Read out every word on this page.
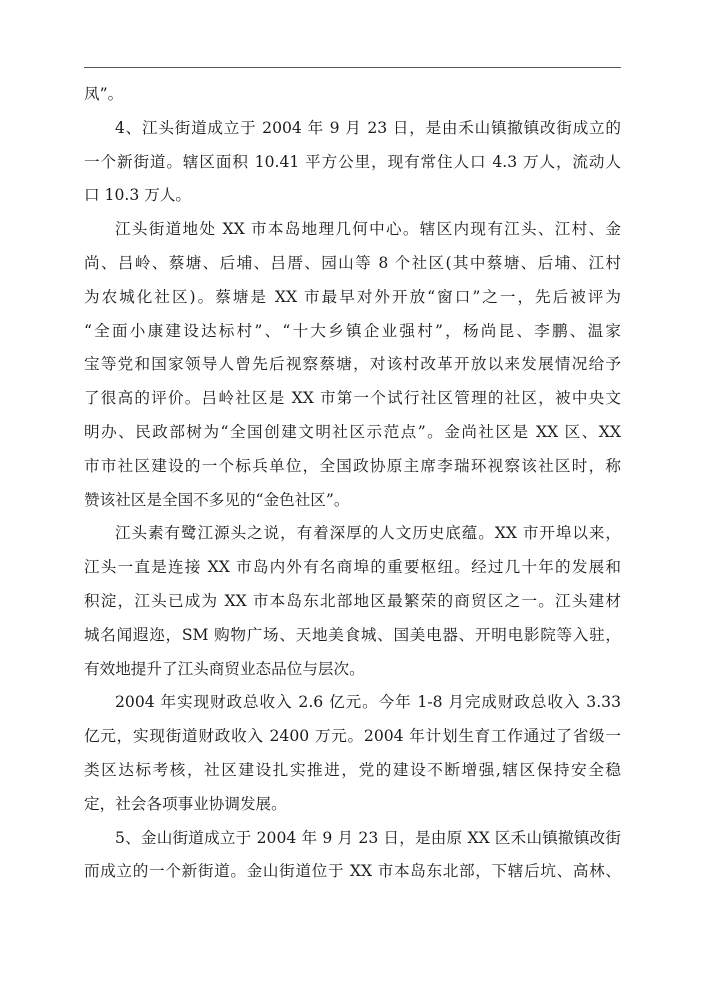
凤”。
4、江头街道成立于 2004 年 9 月 23 日，是由禾山镇撤镇改街成立的
一个新街道。辖区面积 10.41 平方公里，现有常住人口 4.3 万人，流动人
口 10.3 万人。
江头街道地处 XX 市本岛地理几何中心。辖区内现有江头、江村、金
尚、吕岭、蔡塘、后埔、吕厝、园山等 8 个社区(其中蔡塘、后埔、江村
为农城化社区)。蔡塘是 XX 市最早对外开放“窗口”之一，先后被评为
“全面小康建设达标村”、“十大乡镇企业强村”，杨尚昆、李鹏、温家
宝等党和国家领导人曾先后视察蔡塘，对该村改革开放以来发展情况给予
了很高的评价。吕岭社区是 XX 市第一个试行社区管理的社区，被中央文
明办、民政部树为“全国创建文明社区示范点”。金尚社区是 XX 区、XX
市市社区建设的一个标兵单位，全国政协原主席李瑞环视察该社区时，称
赞该社区是全国不多见的“金色社区”。
江头素有鹭江源头之说，有着深厚的人文历史底蕴。XX 市开埠以来，
江头一直是连接 XX 市岛内外有名商埠的重要枢纽。经过几十年的发展和
积淀，江头已成为 XX 市本岛东北部地区最繁荣的商贸区之一。江头建材
城名闻遐迩，SM 购物广场、天地美食城、国美电器、开明电影院等入驻，
有效地提升了江头商贸业态品位与层次。
2004 年实现财政总收入 2.6 亿元。今年 1-8 月完成财政总收入 3.33
亿元，实现街道财政收入 2400 万元。2004 年计划生育工作通过了省级一
类区达标考核，社区建设扎实推进，党的建设不断增强,辖区保持安全稳
定，社会各项事业协调发展。
5、金山街道成立于 2004 年 9 月 23 日，是由原 XX 区禾山镇撤镇改街
而成立的一个新街道。金山街道位于 XX 市本岛东北部，下辖后坑、高林、
